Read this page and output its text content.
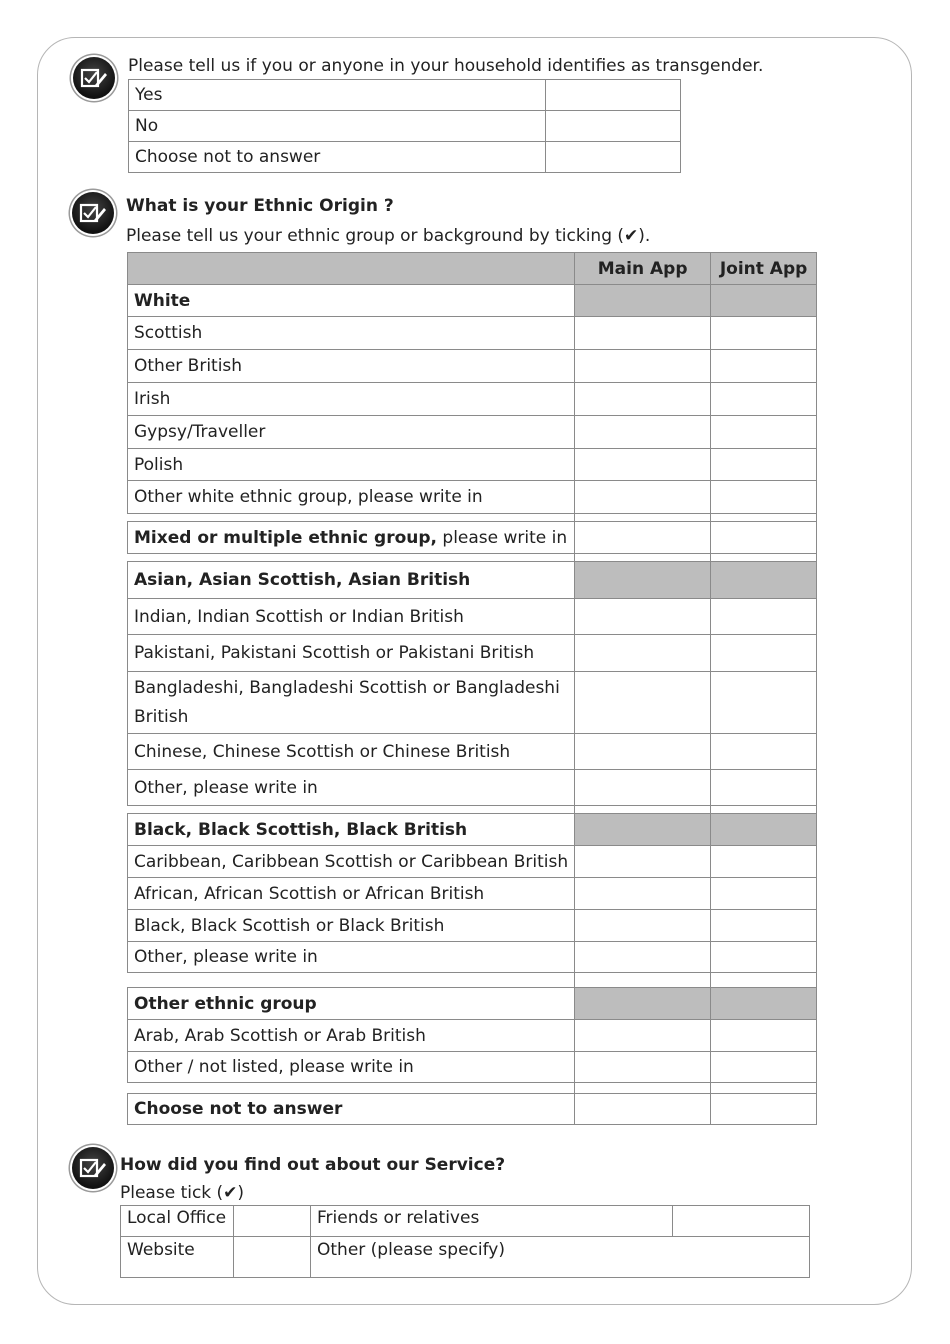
Please tell us if you or anyone in your household identifies as transgender.
Yes	
No	
Choose not to answer	
What is your Ethnic Origin ?
Please tell us your ethnic group or background by ticking (✔).
	Main App	Joint App
White		
Scottish		
Other British		
Irish		
Gypsy/Traveller		
Polish		
Other white ethnic group, please write in		

Mixed or multiple ethnic group, please write in		

Asian, Asian Scottish, Asian British		
Indian, Indian Scottish or Indian British		
Pakistani, Pakistani Scottish or Pakistani British		
Bangladeshi, Bangladeshi Scottish or Bangladeshi British		
Chinese, Chinese Scottish or Chinese British		
Other, please write in		

Black, Black Scottish, Black British		
Caribbean, Caribbean Scottish or Caribbean British		
African, African Scottish or African British		
Black, Black Scottish or Black British		
Other, please write in		

Other ethnic group		
Arab, Arab Scottish or Arab British		
Other / not listed, please write in		

Choose not to answer		
How did you find out about our Service?
Please tick (✔)
Local Office		Friends or relatives	
Website		Other (please specify)	
